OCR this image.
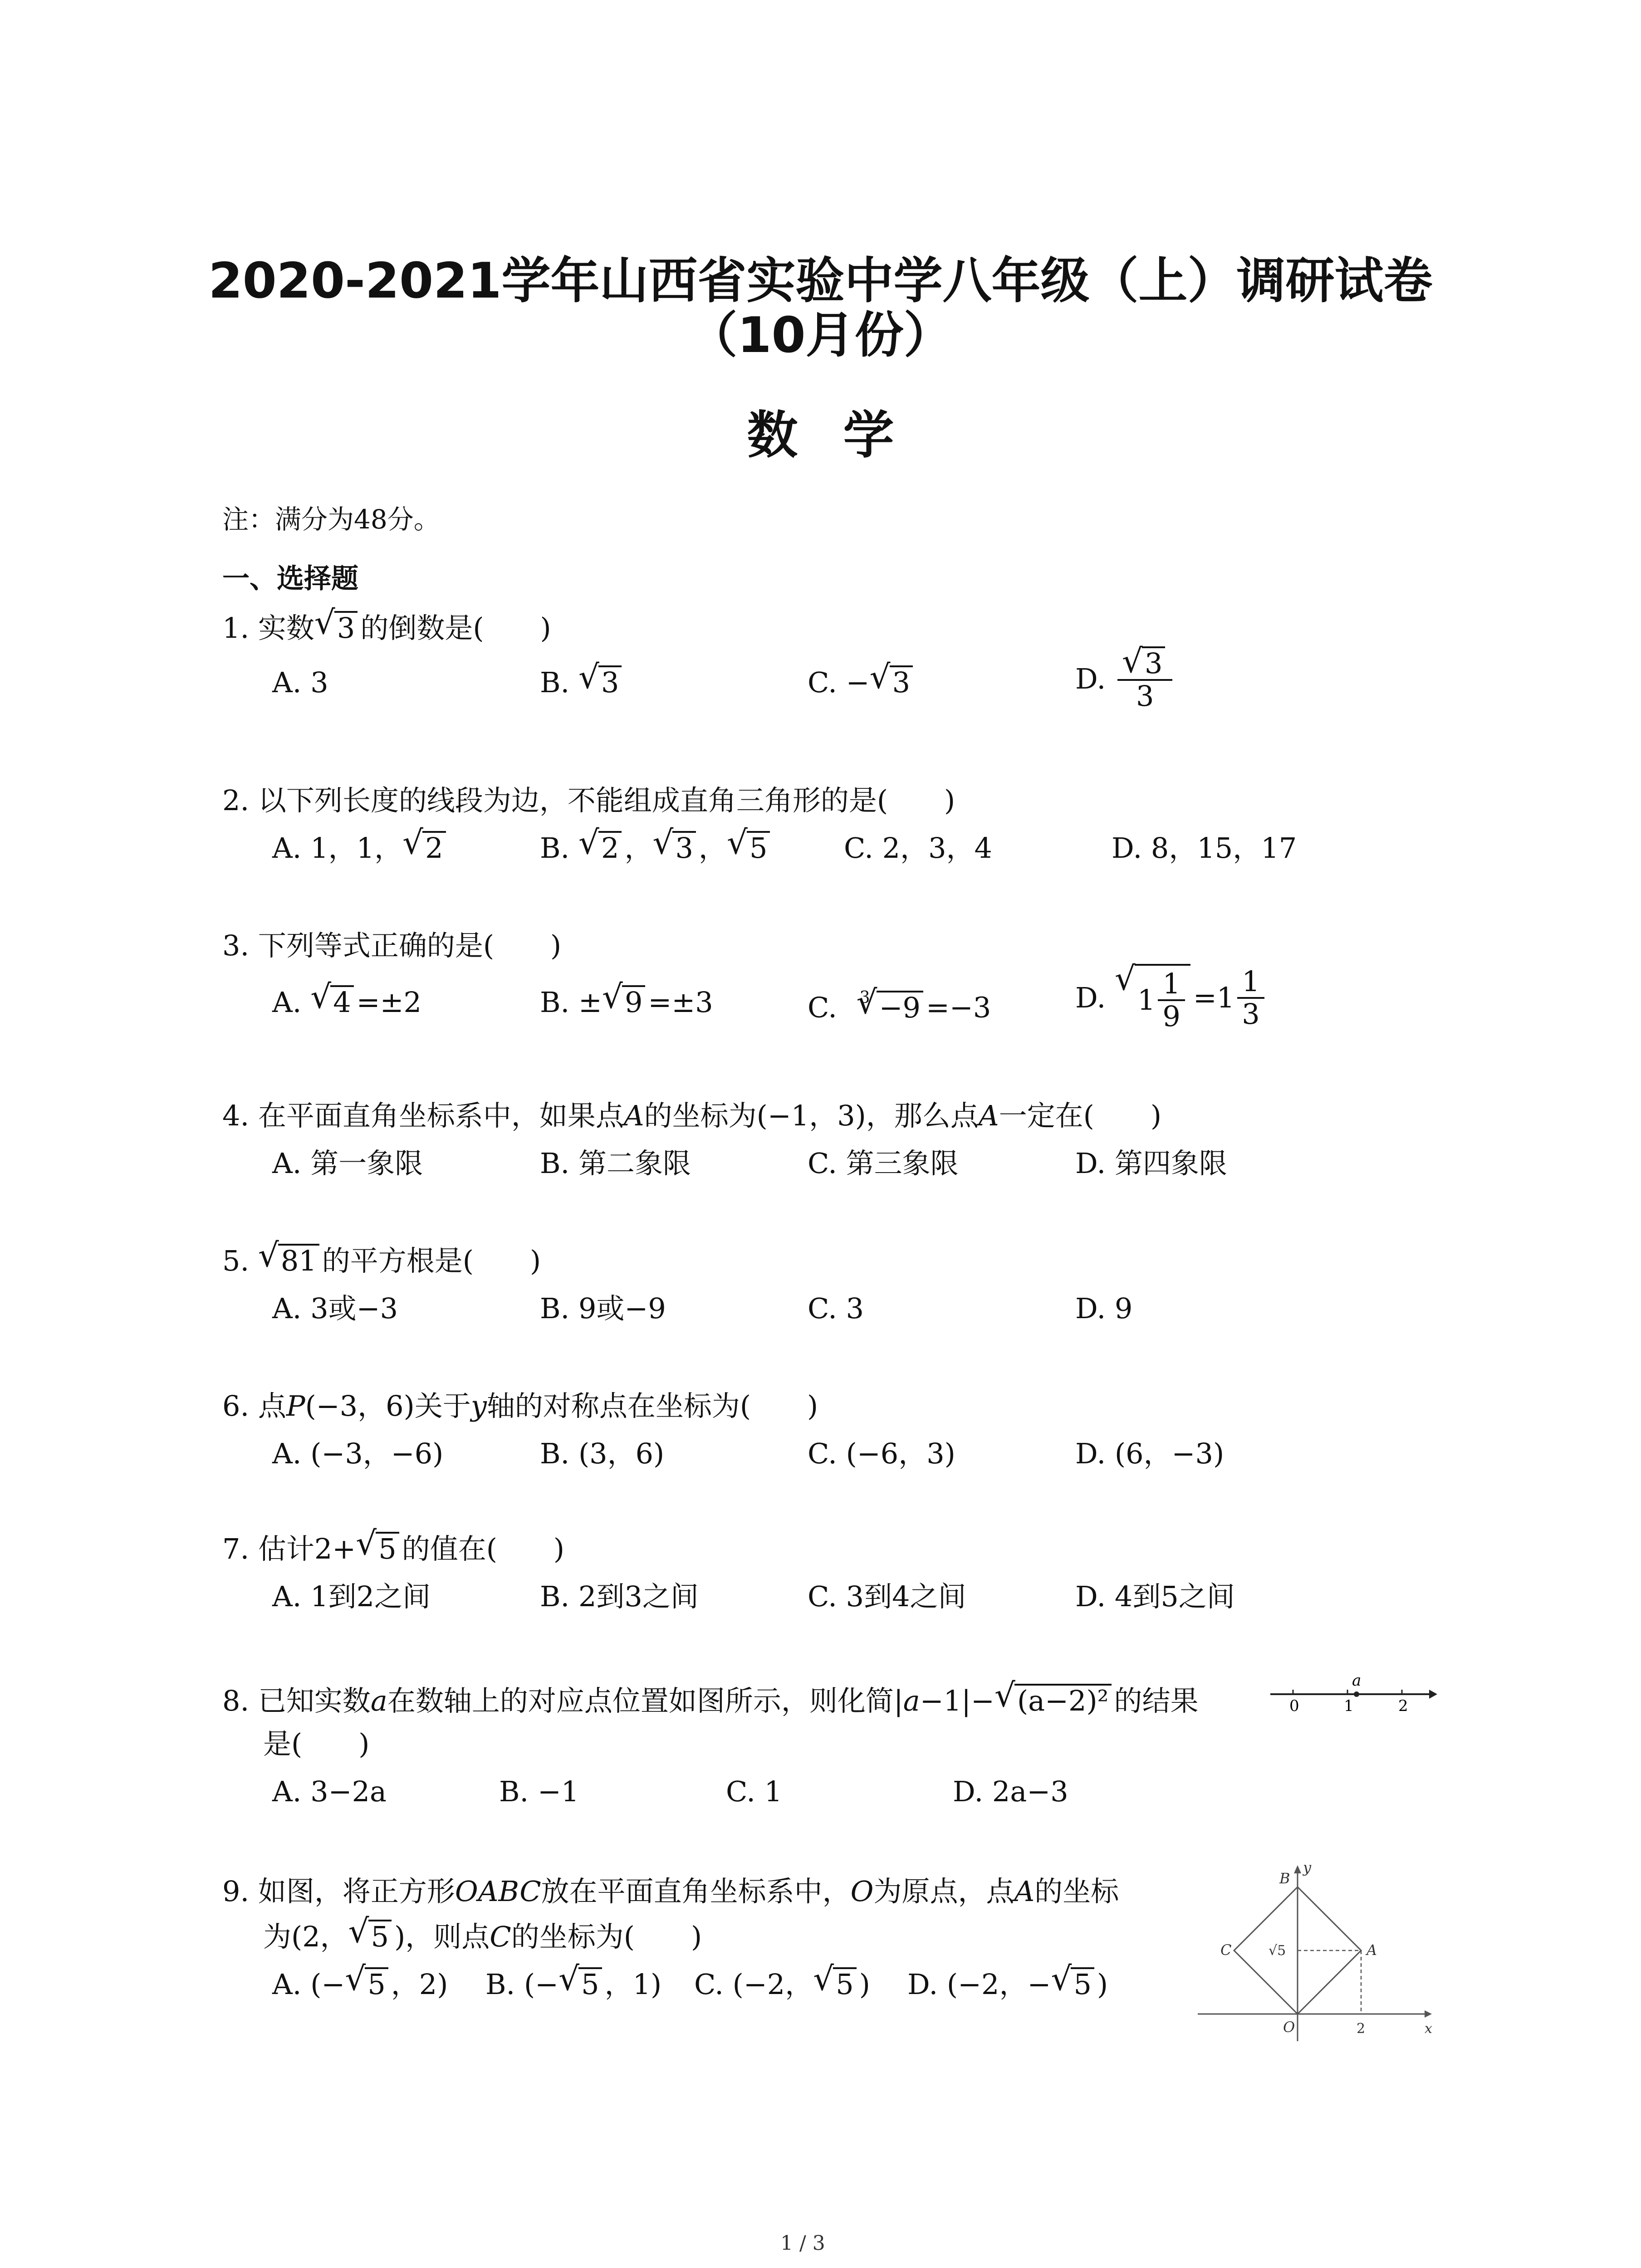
2020-2021学年山西省实验中学八年级（上）调研试卷
（10月份）
数学
注：满分为48分。
一、选择题
1. 实数 √ 3 的倒数是(　　)
A. 3	B. √ 3	C. − √ 3	D. √ $\frac{3}{3}$
2. 以下列长度的线段为边，不能组成直角三角形的是(　　)
A. 1，1， √ 2	B. √ 2 ， √ 3 ， √ 5	C. 2，3，4	D. 8，15，17
3. 下列等式正确的是(　　)
A. √ 4 =±2	B. ± √ 9 =±3	C. $^3$ √ −9 =−3	D. √ $1 \frac{1}{9} =1 \frac{1}{3}$
4. 在平面直角坐标系中，如果点A的坐标为(−1，3)，那么点A一定在(　　)
A. 第一象限	B. 第二象限	C. 第三象限	D. 第四象限
5. √ 81 的平方根是(　　)
A. 3或−3	B. 9或−9	C. 3	D. 9
6. 点P(−3，6)关于y轴的对称点在坐标为(　　)
A. (−3，−6)	B. (3，6)	C. (−6，3)	D. (6，−3)
7. 估计2+ √ 5 的值在(　　)
A. 1到2之间	B. 2到3之间	C. 3到4之间	D. 4到5之间
8. 已知实数a在数轴上的对应点位置如图所示，则化简|a−1|− √ (a−2)² 的结果
是(　　)
A. 3−2a	B. −1	C. 1	D. 2a−3
0	1	2
a
9. 如图，将正方形OABC放在平面直角坐标系中，O为原点，点A的坐标
为(2， √ 5 )，则点C的坐标为(　　)
A. (− √ 5 ，2) B. (− √ 5 ，1) C. (−2， √ 5 ) D. (−2，− √ 5 )
B
y
C	A
O	2	x
√5
1 / 3
